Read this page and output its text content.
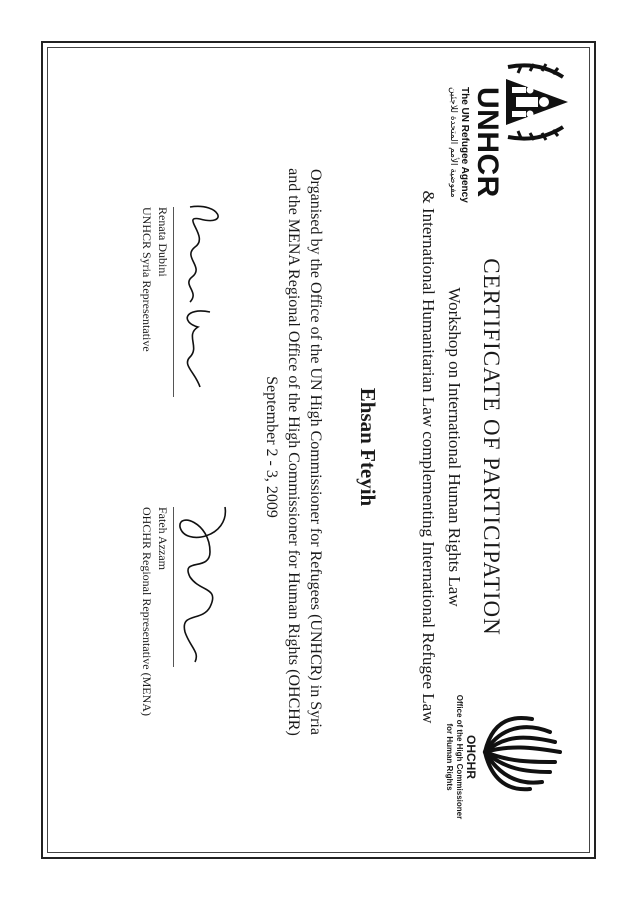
UNHCR
The UN Refugee Agency
مفوضية الأمم المتحدة للاجئين
CERTIFICATE OF PARTICIPATION
Workshop on International Human Rights Law
& International Humanitarian Law complementing International Refugee Law
Ehsan Fteyih
Organised by the Office of the UN High Commissioner for Refugees (UNHCR) in Syria
and the MENA Regional Office of the High Commissioner for Human Rights (OHCHR)
September 2 - 3, 2009
Renata Dubini
UNHCR Syria Representative
Fateh Azzam
OHCHR Regional Representative (MENA)
OHCHR
Office of the High Commissioner
for Human Rights
